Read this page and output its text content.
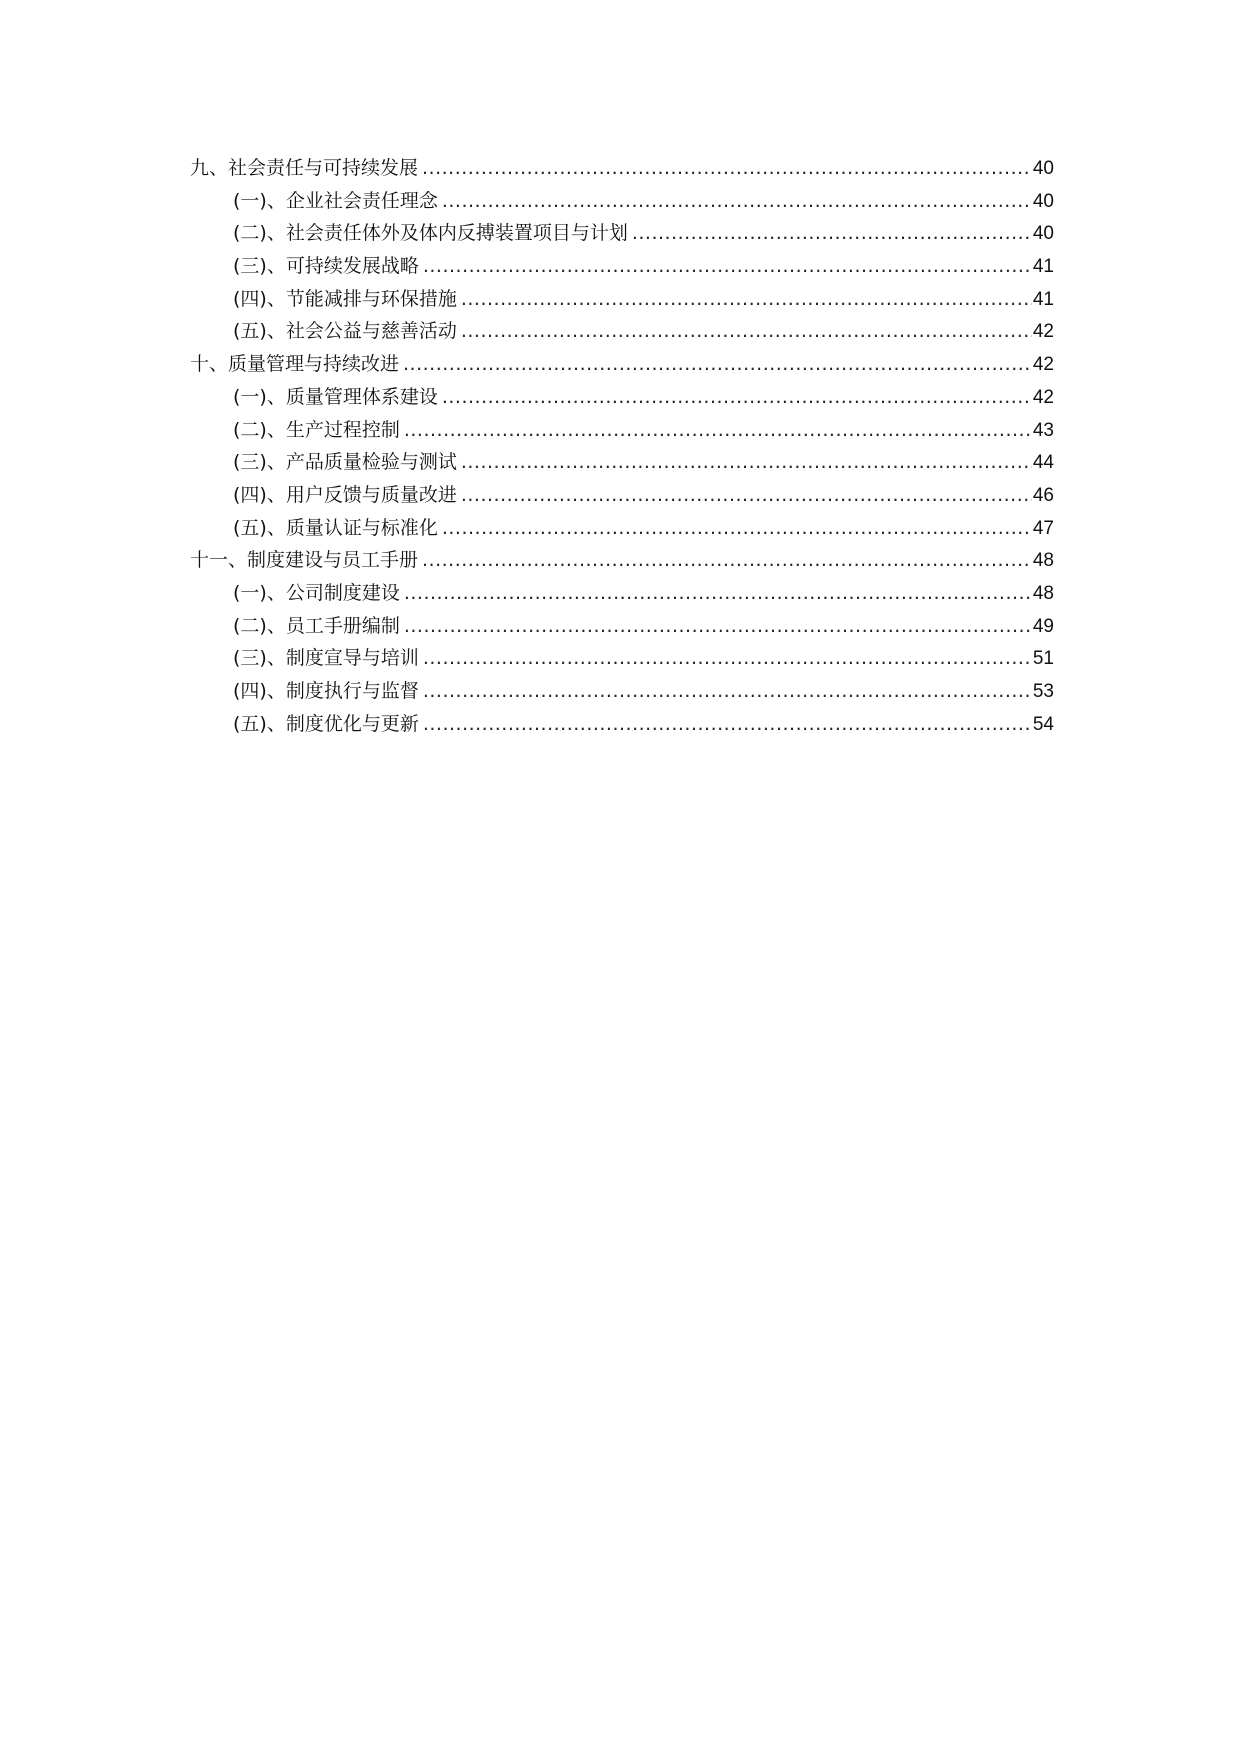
九、社会责任与可持续发展 .....	40
(一)、企业社会责任理念 .....	40
(二)、社会责任体外及体内反搏装置项目与计划 .....	40
(三)、可持续发展战略 .....	41
(四)、节能减排与环保措施 .....	41
(五)、社会公益与慈善活动 .....	42
十、质量管理与持续改进 .....	42
(一)、质量管理体系建设 .....	42
(二)、生产过程控制 .....	43
(三)、产品质量检验与测试 .....	44
(四)、用户反馈与质量改进 .....	46
(五)、质量认证与标准化 .....	47
十一、制度建设与员工手册 .....	48
(一)、公司制度建设 .....	48
(二)、员工手册编制 .....	49
(三)、制度宣导与培训 .....	51
(四)、制度执行与监督 .....	53
(五)、制度优化与更新 .....	54
